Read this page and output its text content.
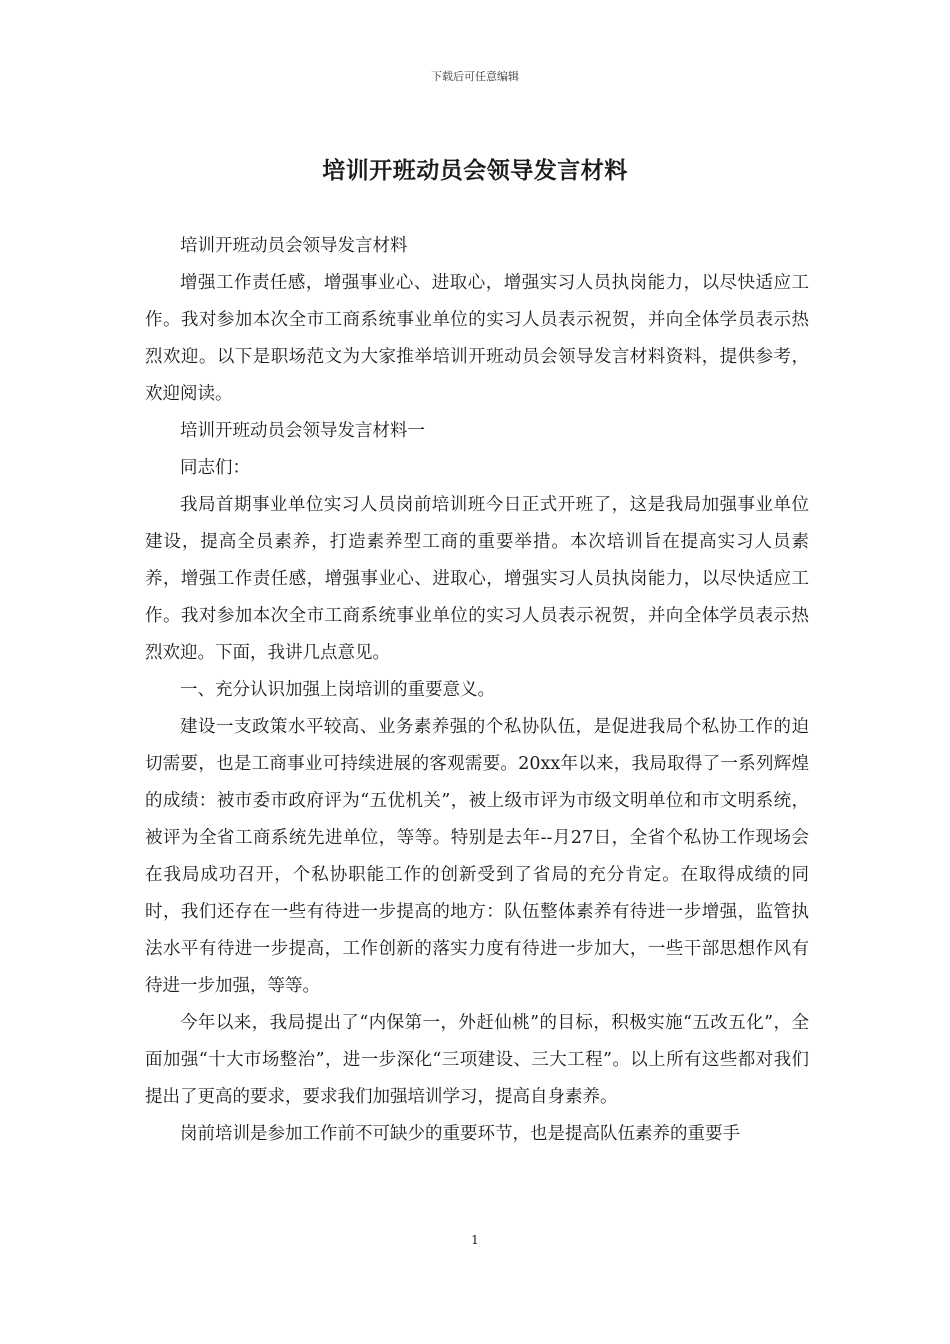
下载后可任意编辑
培训开班动员会领导发言材料

培训开班动员会领导发言材料

增强工作责任感，增强事业心、进取心，增强实习人员执岗能力，以尽快适应工作。我对参加本次全市工商系统事业单位的实习人员表示祝贺，并向全体学员表示热烈欢迎。以下是职场范文为大家推举培训开班动员会领导发言材料资料，提供参考，欢迎阅读。

培训开班动员会领导发言材料一

同志们：

我局首期事业单位实习人员岗前培训班今日正式开班了，这是我局加强事业单位建设，提高全员素养，打造素养型工商的重要举措。本次培训旨在提高实习人员素养，增强工作责任感，增强事业心、进取心，增强实习人员执岗能力，以尽快适应工作。我对参加本次全市工商系统事业单位的实习人员表示祝贺，并向全体学员表示热烈欢迎。下面，我讲几点意见。

一、充分认识加强上岗培训的重要意义。

建设一支政策水平较高、业务素养强的个私协队伍，是促进我局个私协工作的迫切需要，也是工商事业可持续进展的客观需要。20xx年以来，我局取得了一系列辉煌的成绩：被市委市政府评为“五优机关”，被上级市评为市级文明单位和市文明系统，被评为全省工商系统先进单位，等等。特别是去年--月27日，全省个私协工作现场会在我局成功召开，个私协职能工作的创新受到了省局的充分肯定。在取得成绩的同时，我们还存在一些有待进一步提高的地方：队伍整体素养有待进一步增强，监管执法水平有待进一步提高，工作创新的落实力度有待进一步加大，一些干部思想作风有待进一步加强，等等。

今年以来，我局提出了“内保第一，外赶仙桃”的目标，积极实施“五改五化”，全面加强“十大市场整治”，进一步深化“三项建设、三大工程”。以上所有这些都对我们提出了更高的要求，要求我们加强培训学习，提高自身素养。

岗前培训是参加工作前不可缺少的重要环节，也是提高队伍素养的重要手

1
